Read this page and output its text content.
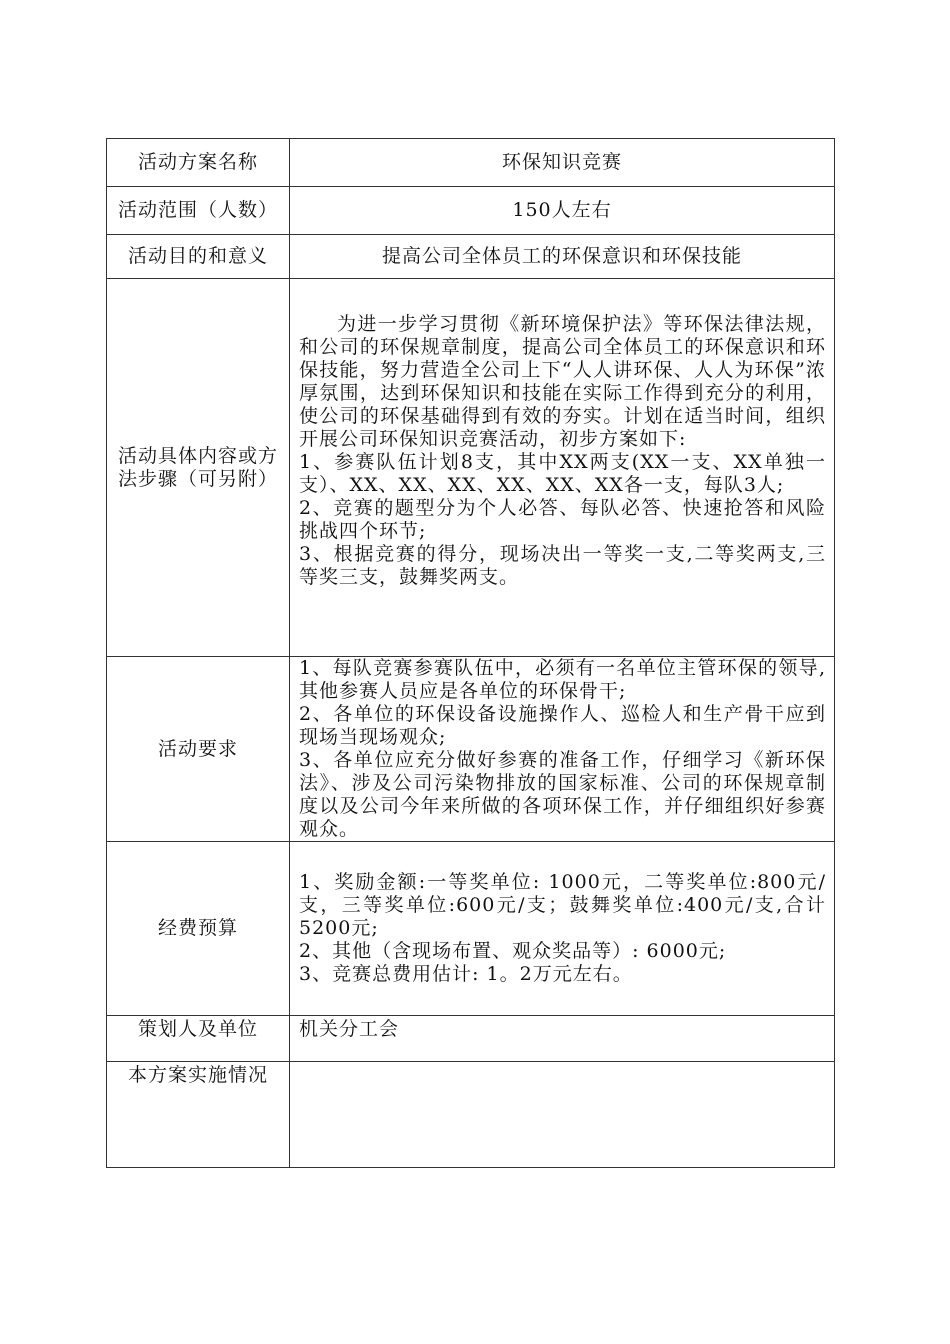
活动方案名称	环保知识竞赛
活动范围（人数）	150人左右
活动目的和意义	提高公司全体员工的环保意识和环保技能
活动具体内容或方法步骤（可另附）	为进一步学习贯彻《新环境保护法》等环保法律法规，和公司的环保规章制度，提高公司全体员工的环保意识和环保技能，努力营造全公司上下“人人讲环保、人人为环保”浓厚氛围，达到环保知识和技能在实际工作得到充分的利用，使公司的环保基础得到有效的夯实。计划在适当时间，组织开展公司环保知识竞赛活动，初步方案如下:

1、参赛队伍计划8支，其中XX两支(XX一支、XX单独一支）、XX、XX、XX、XX、XX、XX各一支，每队3人;

2、竞赛的题型分为个人必答、每队必答、快速抢答和风险挑战四个环节;

3、根据竞赛的得分，现场决出一等奖一支,二等奖两支,三等奖三支，鼓舞奖两支。

活动要求	1、每队竞赛参赛队伍中，必须有一名单位主管环保的领导,其他参赛人员应是各单位的环保骨干;

2、各单位的环保设备设施操作人、巡检人和生产骨干应到现场当现场观众;

3、各单位应充分做好参赛的准备工作，仔细学习《新环保法》、涉及公司污染物排放的国家标准、公司的环保规章制度以及公司今年来所做的各项环保工作，并仔细组织好参赛观众。

经费预算	1、奖励金额:一等奖单位: 1000元，二等奖单位:800元/支，三等奖单位:600元/支；鼓舞奖单位:400元/支,合计5200元;

2、其他（含现场布置、观众奖品等）: 6000元;

3、竞赛总费用估计: 1。2万元左右。

策划人及单位	机关分工会
本方案实施情况	
